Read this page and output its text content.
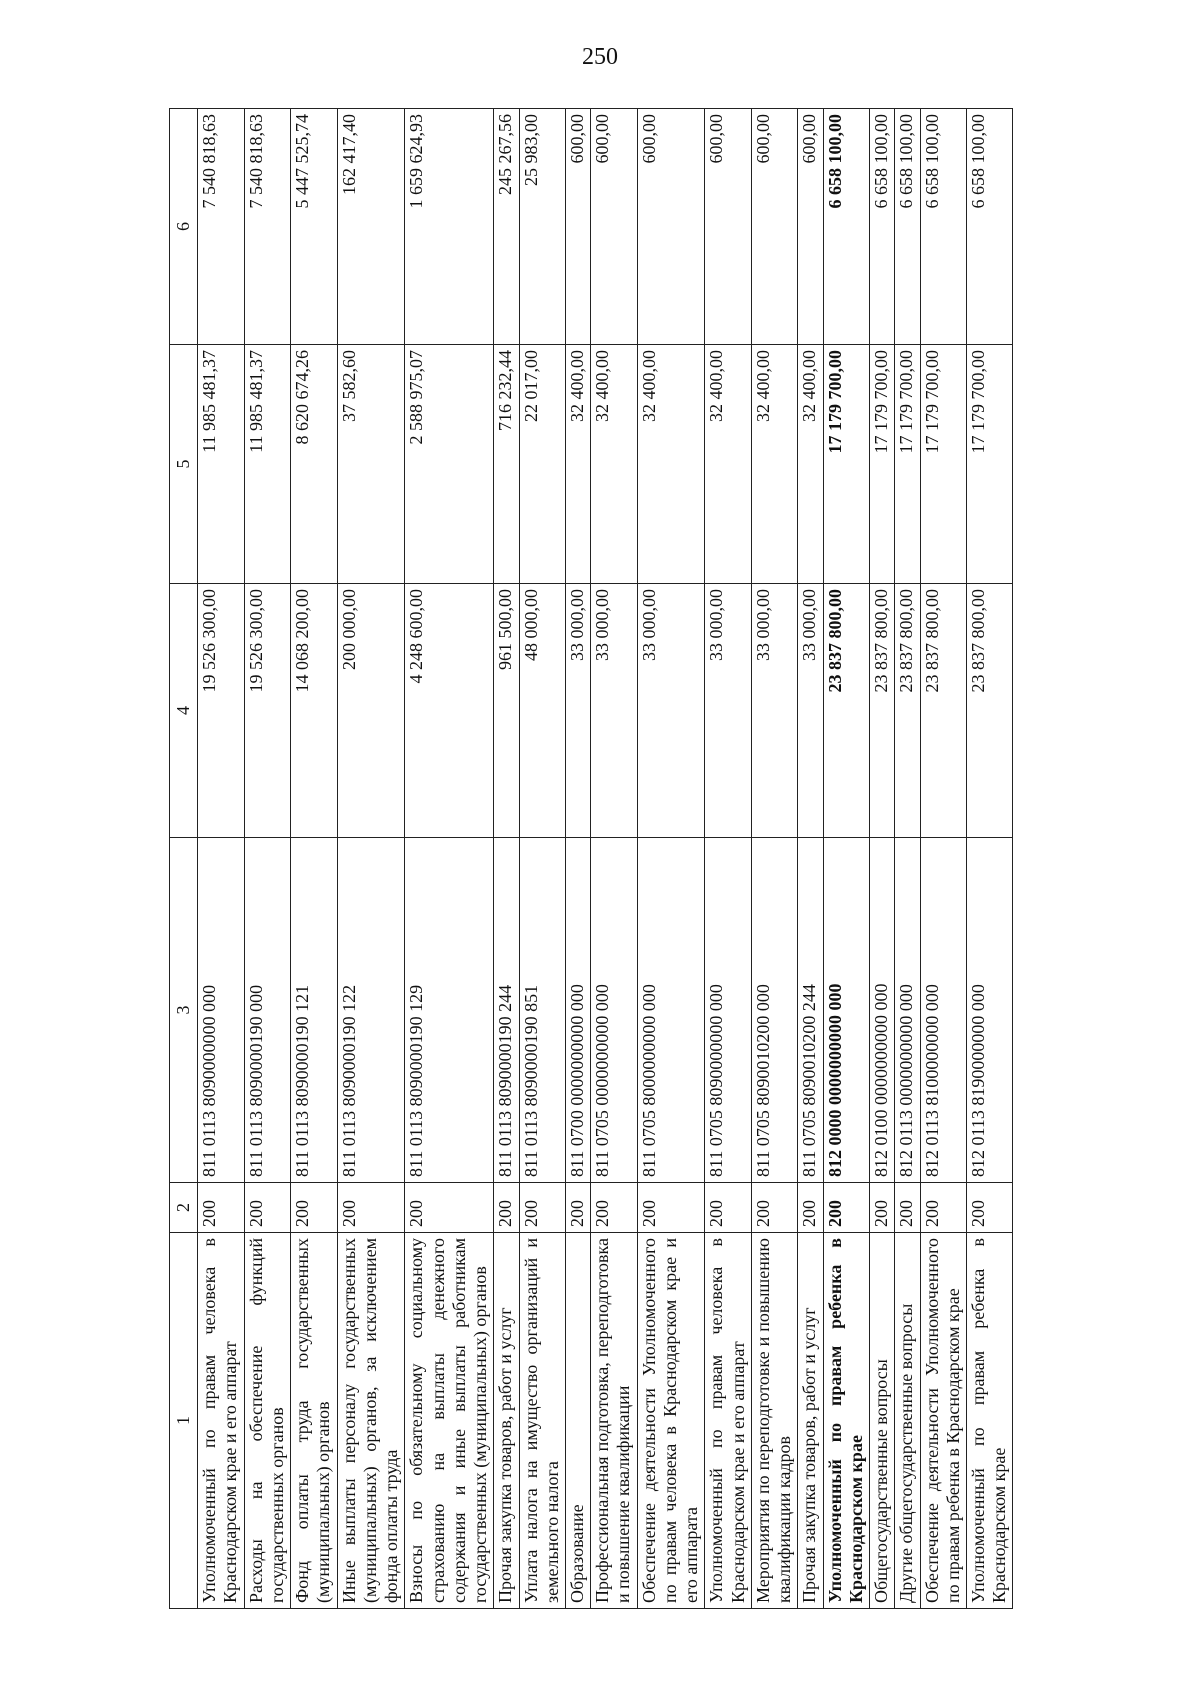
250
1	2	3	4	5	6
Уполномоченный по правам человека в Краснодарском крае и его аппарат	200	811 0113 8090000000 000	19 526 300,00	11 985 481,37	7 540 818,63
Расходы на обеспечение функций государственных органов	200	811 0113 8090000190 000	19 526 300,00	11 985 481,37	7 540 818,63
Фонд оплаты труда государственных (муниципальных) органов	200	811 0113 8090000190 121	14 068 200,00	8 620 674,26	5 447 525,74
Иные выплаты персоналу государственных (муниципальных) органов, за исключением фонда оплаты труда	200	811 0113 8090000190 122	200 000,00	37 582,60	162 417,40
Взносы по обязательному социальному страхованию на выплаты денежного содержания и иные выплаты работникам государственных (муниципальных) органов	200	811 0113 8090000190 129	4 248 600,00	2 588 975,07	1 659 624,93
Прочая закупка товаров, работ и услуг	200	811 0113 8090000190 244	961 500,00	716 232,44	245 267,56
Уплата налога на имущество организаций и земельного налога	200	811 0113 8090000190 851	48 000,00	22 017,00	25 983,00
Образование	200	811 0700 0000000000 000	33 000,00	32 400,00	600,00
Профессиональная подготовка, переподготовка и повышение квалификации	200	811 0705 0000000000 000	33 000,00	32 400,00	600,00
Обеспечение деятельности Уполномоченного по правам человека в Краснодарском крае и его аппарата	200	811 0705 8000000000 000	33 000,00	32 400,00	600,00
Уполномоченный по правам человека в Краснодарском крае и его аппарат	200	811 0705 8090000000 000	33 000,00	32 400,00	600,00
Мероприятия по переподготовке и повышению квалификации кадров	200	811 0705 8090010200 000	33 000,00	32 400,00	600,00
Прочая закупка товаров, работ и услуг	200	811 0705 8090010200 244	33 000,00	32 400,00	600,00
Уполномоченный по правам ребенка в Краснодарском крае	200	812 0000 0000000000 000	23 837 800,00	17 179 700,00	6 658 100,00
Общегосударственные вопросы	200	812 0100 0000000000 000	23 837 800,00	17 179 700,00	6 658 100,00
Другие общегосударственные вопросы	200	812 0113 0000000000 000	23 837 800,00	17 179 700,00	6 658 100,00
Обеспечение деятельности Уполномоченного по правам ребенка в Краснодарском крае	200	812 0113 8100000000 000	23 837 800,00	17 179 700,00	6 658 100,00
Уполномоченный по правам ребенка в Краснодарском крае	200	812 0113 8190000000 000	23 837 800,00	17 179 700,00	6 658 100,00
